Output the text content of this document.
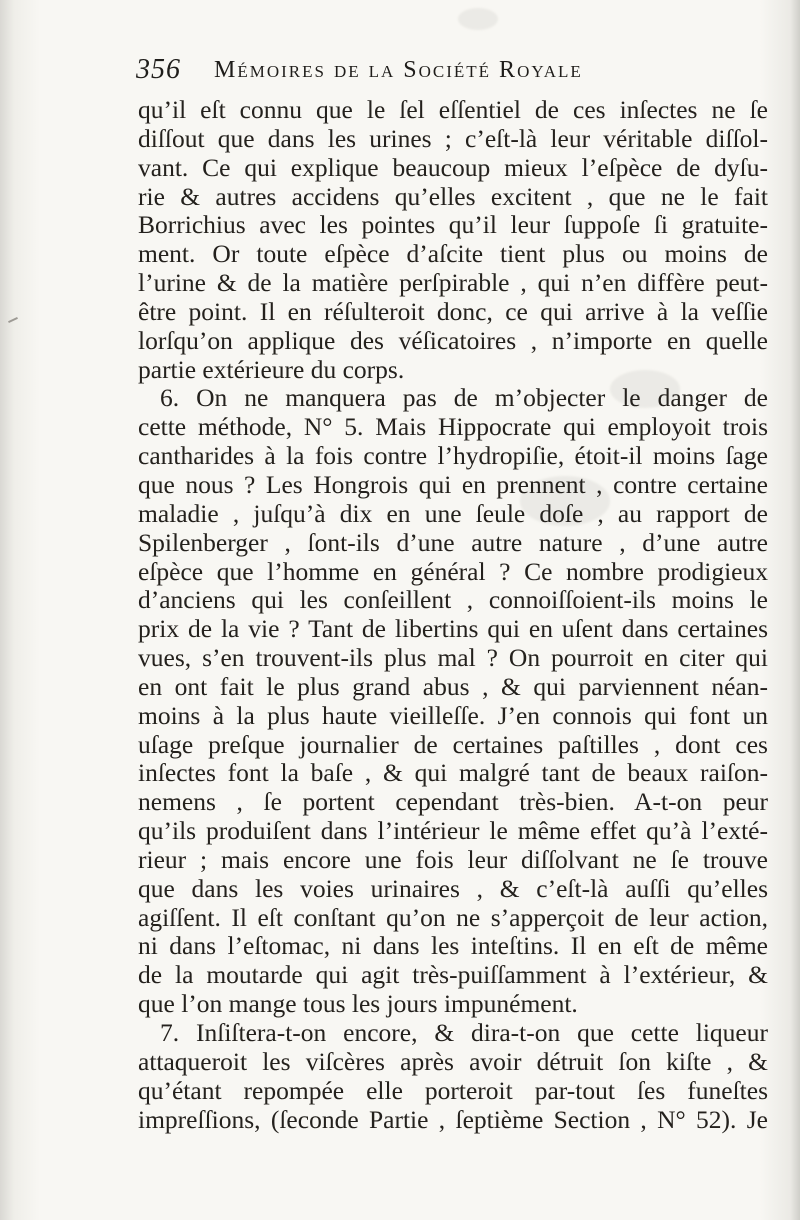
356 Mémoires de la Société Royale
qu’il eſt connu que le ſel eſſentiel de ces inſectes ne ſe
diſſout que dans les urines ; c’eſt-là leur véritable diſſol-
vant. Ce qui explique beaucoup mieux l’eſpèce de dyſu-
rie & autres accidens qu’elles excitent , que ne le fait
Borrichius avec les pointes qu’il leur ſuppoſe ſi gratuite-
ment. Or toute eſpèce d’aſcite tient plus ou moins de
l’urine & de la matière perſpirable , qui n’en diffère peut-
être point. Il en réſulteroit donc, ce qui arrive à la veſſie
lorſqu’on applique des véſicatoires , n’importe en quelle
partie extérieure du corps.
6. On ne manquera pas de m’objecter le danger de
cette méthode, N° 5. Mais Hippocrate qui employoit trois
cantharides à la fois contre l’hydropiſie, étoit-il moins ſage
que nous ? Les Hongrois qui en prennent , contre certaine
maladie , juſqu’à dix en une ſeule doſe , au rapport de
Spilenberger , ſont-ils d’une autre nature , d’une autre
eſpèce que l’homme en général ? Ce nombre prodigieux
d’anciens qui les conſeillent , connoiſſoient-ils moins le
prix de la vie ? Tant de libertins qui en uſent dans certaines
vues, s’en trouvent-ils plus mal ? On pourroit en citer qui
en ont fait le plus grand abus , & qui parviennent néan-
moins à la plus haute vieilleſſe. J’en connois qui font un
uſage preſque journalier de certaines paſtilles , dont ces
inſectes font la baſe , & qui malgré tant de beaux raiſon-
nemens , ſe portent cependant très-bien. A-t-on peur
qu’ils produiſent dans l’intérieur le même effet qu’à l’exté-
rieur ; mais encore une fois leur diſſolvant ne ſe trouve
que dans les voies urinaires , & c’eſt-là auſſi qu’elles
agiſſent. Il eſt conſtant qu’on ne s’apperçoit de leur action,
ni dans l’eſtomac, ni dans les inteſtins. Il en eſt de même
de la moutarde qui agit très-puiſſamment à l’extérieur, &
que l’on mange tous les jours impunément.
7. Inſiſtera-t-on encore, & dira-t-on que cette liqueur
attaqueroit les viſcères après avoir détruit ſon kiſte , &
qu’étant repompée elle porteroit par-tout ſes funeſtes
impreſſions, (ſeconde Partie , ſeptième Section , N° 52). Je
